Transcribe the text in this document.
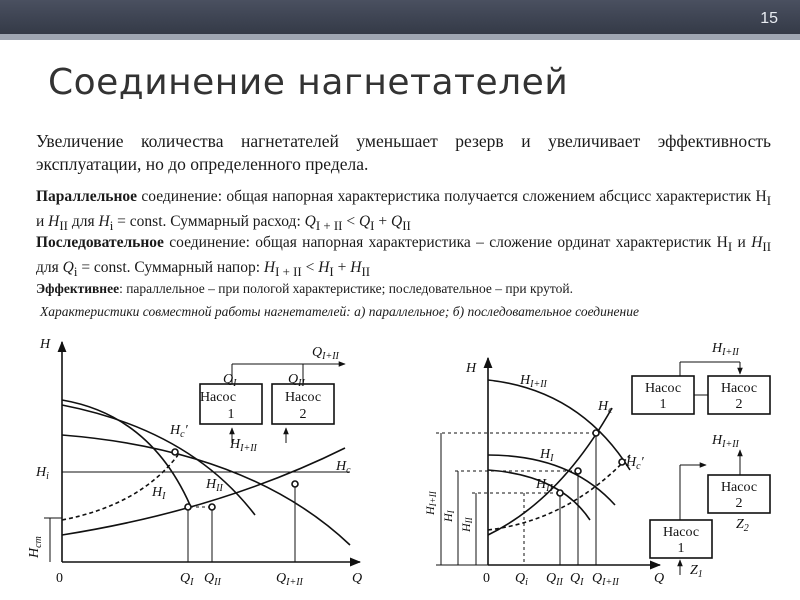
15
Соединение нагнетателей

Увеличение количества нагнетателей уменьшает резерв и увеличивает эффективность эксплуатации, но до определенного предела.

Параллельное соединение: общая напорная характеристика получается сложением абсцисс характеристик $H_I$ и $H_{II}$ для $H_i$ = const. Суммарный расход: $Q_{I + II} < Q_I + Q_{II}$

Последовательное соединение: общая напорная характеристика – сложение ординат характеристик $H_I$ и $H_{II}$ для $Q_i$ = const. Суммарный напор: $H_{I + II} < H_I + H_{II}$

Эффективнее: параллельное – при пологой характеристике; последовательное – при крутой.

Характеристики совместной работы нагнетателей: а) параллельное; б) последовательное соединение

H
Q
0
$Q_{I+II}$
$Q_I$	$Q_{II}$
Насос
1
Насос
2
$H_c'$
$H_{I+II}$
$H_c$
$H_I$
$H_{II}$
$H_i$
$H_{ст}$
$Q_I$ $Q_{II}$	$Q_{I+II}$
H
Q
0
$H_{I+II}$
$H_c$
$H_I$
$H_{II}$
$H_c'$
HI+II
HI
HII
$Q_i$ $Q_{II}$ $Q_I$ $Q_{I+II}$
$H_{I+II}$
Насос
1
Насос
2
$H_{I+II}$
Насос
2
Насос
1
$Z_2$
$Z_1$
